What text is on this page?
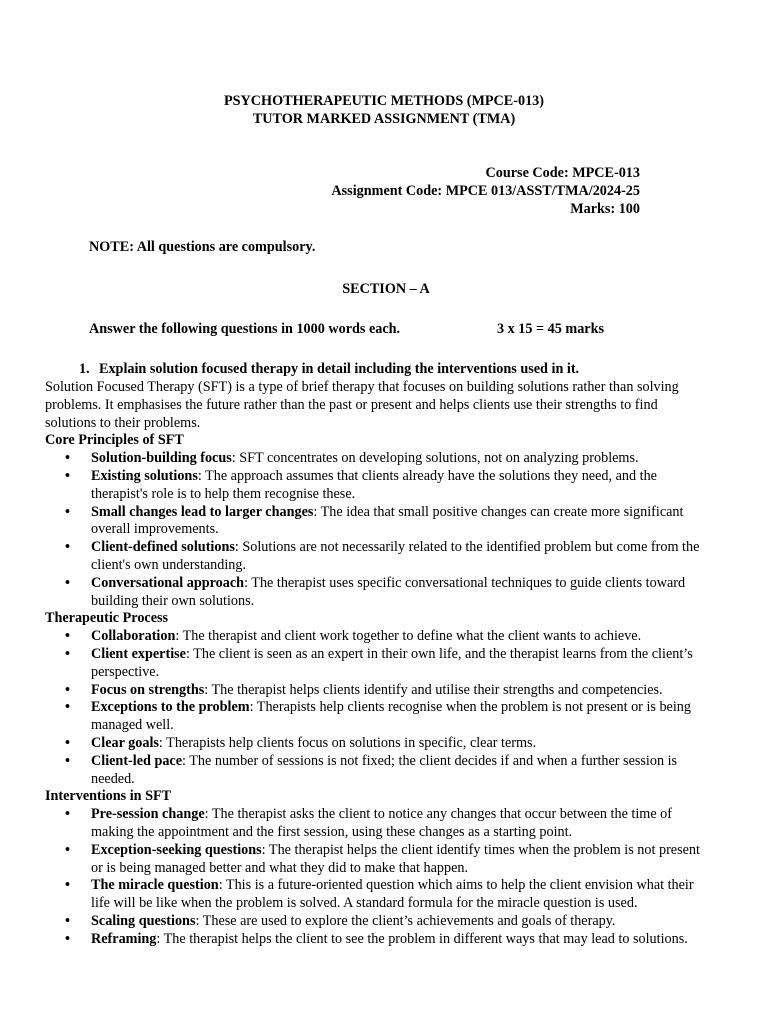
PSYCHOTHERAPEUTIC METHODS (MPCE-013)
TUTOR MARKED ASSIGNMENT (TMA)
Course Code: MPCE-013
Assignment Code: MPCE 013/ASST/TMA/2024-25
Marks: 100
NOTE: All questions are compulsory.
SECTION – A
Answer the following questions in 1000 words each.	3 x 15 = 45 marks
1. Explain solution focused therapy in detail including the interventions used in it.

Solution Focused Therapy (SFT) is a type of brief therapy that focuses on building solutions rather than solving problems. It emphasises the future rather than the past or present and helps clients use their strengths to find solutions to their problems.

Core Principles of SFT
• Solution-building focus: SFT concentrates on developing solutions, not on analyzing problems.
• Existing solutions: The approach assumes that clients already have the solutions they need, and the therapist's role is to help them recognise these.
• Small changes lead to larger changes: The idea that small positive changes can create more significant overall improvements.
• Client-defined solutions: Solutions are not necessarily related to the identified problem but come from the client's own understanding.
• Conversational approach: The therapist uses specific conversational techniques to guide clients toward building their own solutions.
Therapeutic Process
• Collaboration: The therapist and client work together to define what the client wants to achieve.
• Client expertise: The client is seen as an expert in their own life, and the therapist learns from the client’s perspective.
• Focus on strengths: The therapist helps clients identify and utilise their strengths and competencies.
• Exceptions to the problem: Therapists help clients recognise when the problem is not present or is being managed well.
• Clear goals: Therapists help clients focus on solutions in specific, clear terms.
• Client-led pace: The number of sessions is not fixed; the client decides if and when a further session is needed.
Interventions in SFT
• Pre-session change: The therapist asks the client to notice any changes that occur between the time of making the appointment and the first session, using these changes as a starting point.
• Exception-seeking questions: The therapist helps the client identify times when the problem is not present or is being managed better and what they did to make that happen.
• The miracle question: This is a future-oriented question which aims to help the client envision what their life will be like when the problem is solved. A standard formula for the miracle question is used.
• Scaling questions: These are used to explore the client’s achievements and goals of therapy.
• Reframing: The therapist helps the client to see the problem in different ways that may lead to solutions.
